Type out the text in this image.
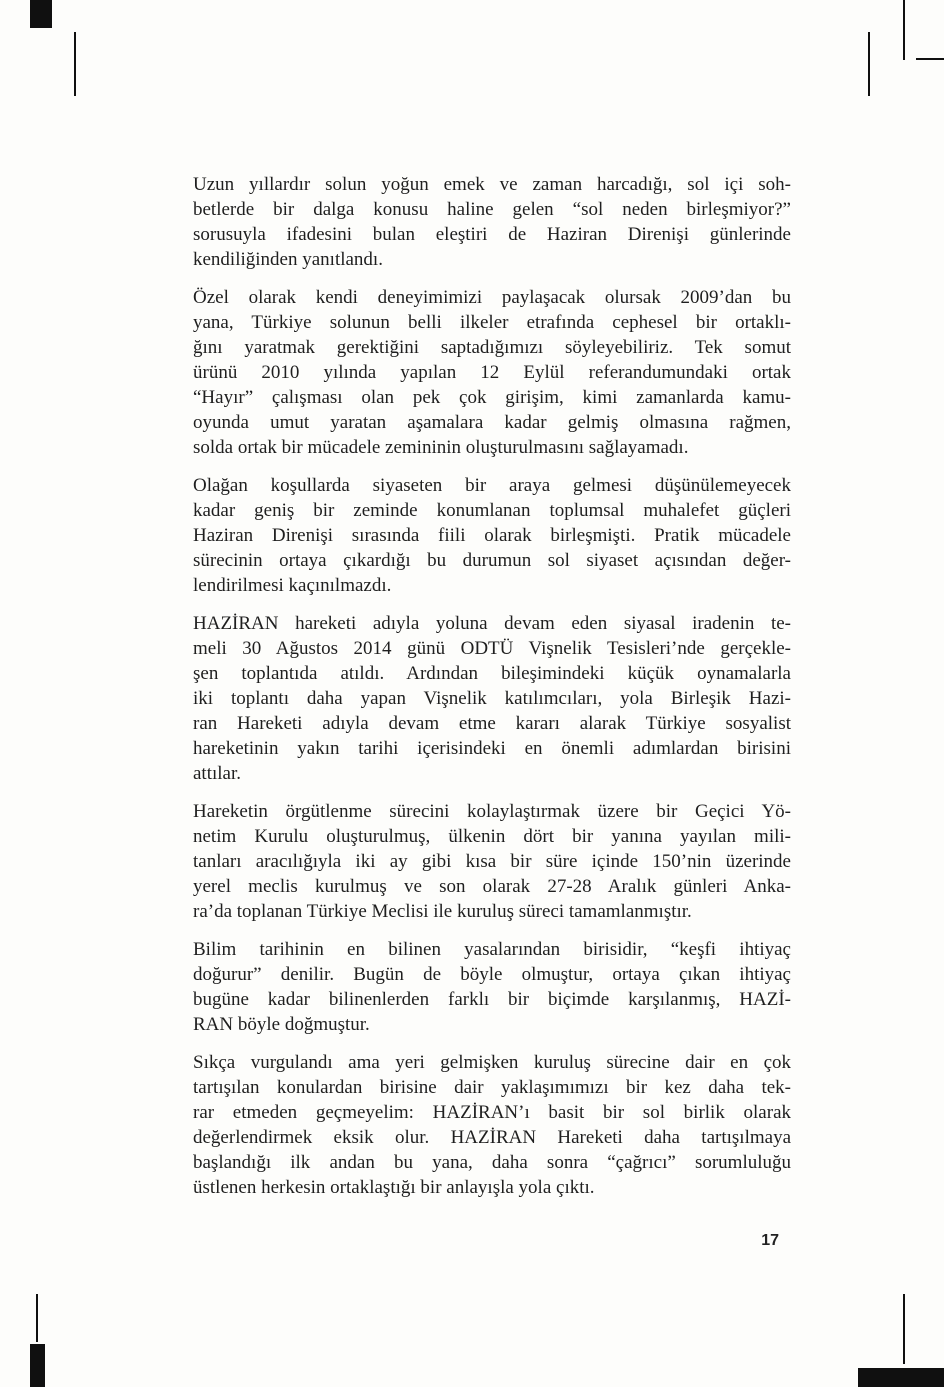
Uzun yıllardır solun yoğun emek ve zaman harcadığı, sol içi soh-
betlerde bir dalga konusu haline gelen “sol neden birleşmiyor?”
sorusuyla ifadesini bulan eleştiri de Haziran Direnişi günlerinde
kendiliğinden yanıtlandı.
Özel olarak kendi deneyimimizi paylaşacak olursak 2009’dan bu
yana, Türkiye solunun belli ilkeler etrafında cephesel bir ortaklı-
ğını yaratmak gerektiğini saptadığımızı söyleyebiliriz. Tek somut
ürünü 2010 yılında yapılan 12 Eylül referandumundaki ortak
“Hayır” çalışması olan pek çok girişim, kimi zamanlarda kamu-
oyunda umut yaratan aşamalara kadar gelmiş olmasına rağmen,
solda ortak bir mücadele zemininin oluşturulmasını sağlayamadı.
Olağan koşullarda siyaseten bir araya gelmesi düşünülemeyecek
kadar geniş bir zeminde konumlanan toplumsal muhalefet güçleri
Haziran Direnişi sırasında fiili olarak birleşmişti. Pratik mücadele
sürecinin ortaya çıkardığı bu durumun sol siyaset açısından değer-
lendirilmesi kaçınılmazdı.
HAZİRAN hareketi adıyla yoluna devam eden siyasal iradenin te-
meli 30 Ağustos 2014 günü ODTÜ Vişnelik Tesisleri’nde gerçekle-
şen toplantıda atıldı. Ardından bileşimindeki küçük oynamalarla
iki toplantı daha yapan Vişnelik katılımcıları, yola Birleşik Hazi-
ran Hareketi adıyla devam etme kararı alarak Türkiye sosyalist
hareketinin yakın tarihi içerisindeki en önemli adımlardan birisini
attılar.
Hareketin örgütlenme sürecini kolaylaştırmak üzere bir Geçici Yö-
netim Kurulu oluşturulmuş, ülkenin dört bir yanına yayılan mili-
tanları aracılığıyla iki ay gibi kısa bir süre içinde 150’nin üzerinde
yerel meclis kurulmuş ve son olarak 27-28 Aralık günleri Anka-
ra’da toplanan Türkiye Meclisi ile kuruluş süreci tamamlanmıştır.
Bilim tarihinin en bilinen yasalarından birisidir, “keşfi ihtiyaç
doğurur” denilir. Bugün de böyle olmuştur, ortaya çıkan ihtiyaç
bugüne kadar bilinenlerden farklı bir biçimde karşılanmış, HAZİ-
RAN böyle doğmuştur.
Sıkça vurgulandı ama yeri gelmişken kuruluş sürecine dair en çok
tartışılan konulardan birisine dair yaklaşımımızı bir kez daha tek-
rar etmeden geçmeyelim: HAZİRAN’ı basit bir sol birlik olarak
değerlendirmek eksik olur. HAZİRAN Hareketi daha tartışılmaya
başlandığı ilk andan bu yana, daha sonra “çağrıcı” sorumluluğu
üstlenen herkesin ortaklaştığı bir anlayışla yola çıktı.
17
